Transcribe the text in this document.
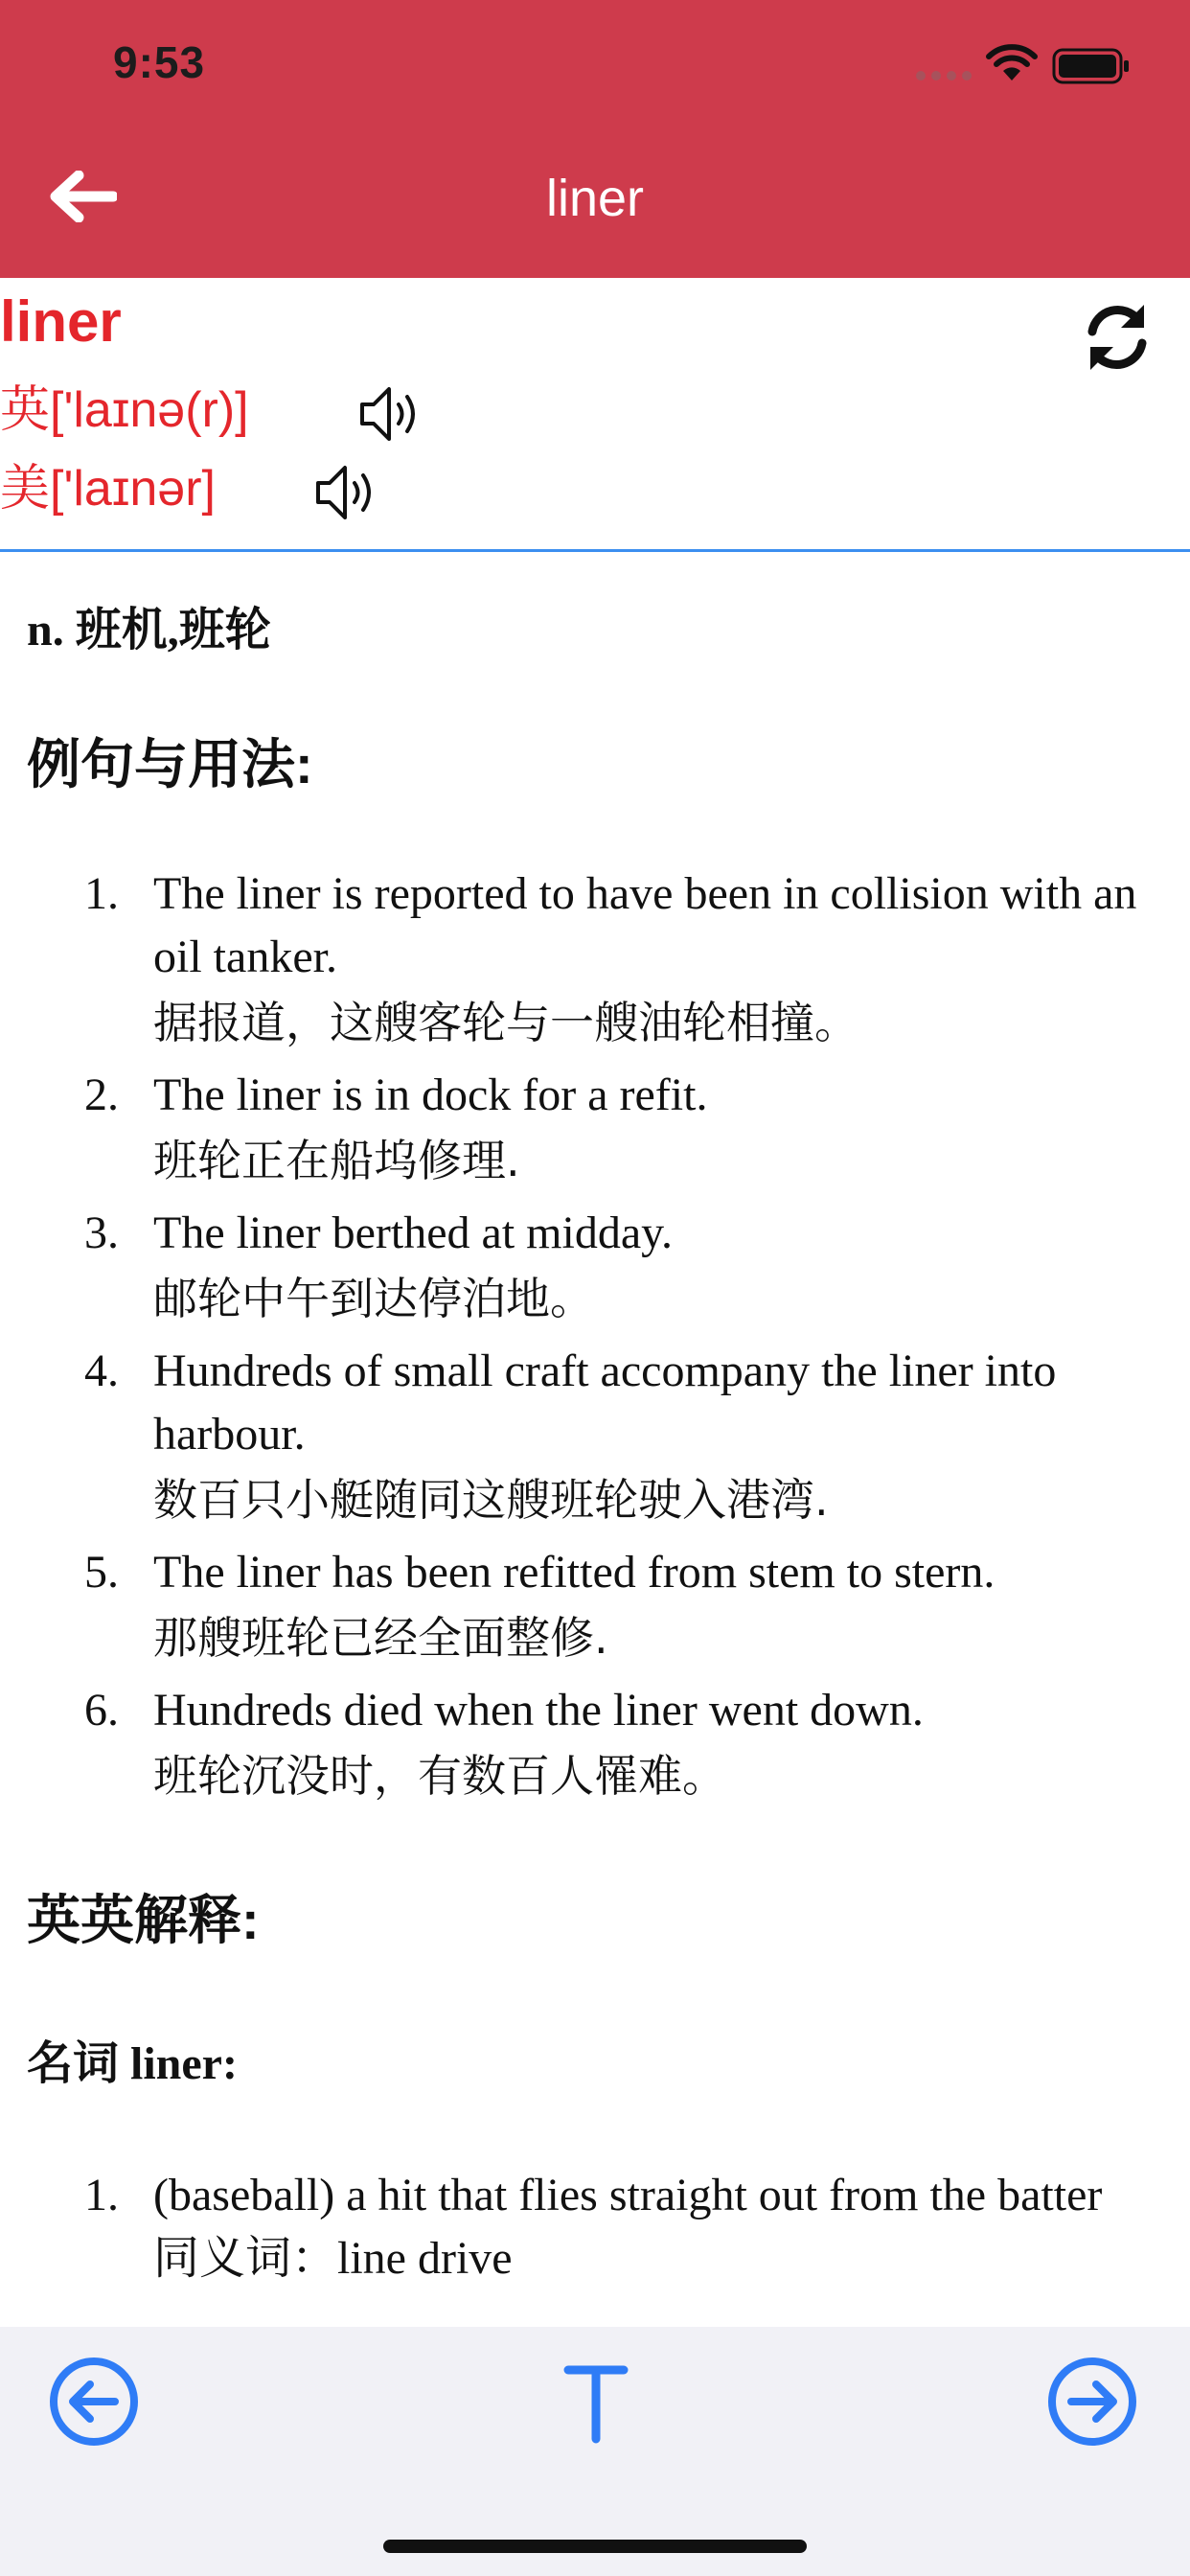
9:53
liner
liner
英['laɪnə(r)]
美['laɪnər]
n. 班机,班轮
例句与用法:
1. The liner is reported to have been in collision with an oil tanker.
据报道，这艘客轮与一艘油轮相撞。
2. The liner is in dock for a refit.
班轮正在船坞修理.
3. The liner berthed at midday.
邮轮中午到达停泊地。
4. Hundreds of small craft accompany the liner into harbour.
数百只小艇随同这艘班轮驶入港湾.
5. The liner has been refitted from stem to stern.
那艘班轮已经全面整修.
6. Hundreds died when the liner went down.
班轮沉没时，有数百人罹难。
英英解释:
名词 liner:
1. (baseball) a hit that flies straight out from the batter
同义词：line drive
